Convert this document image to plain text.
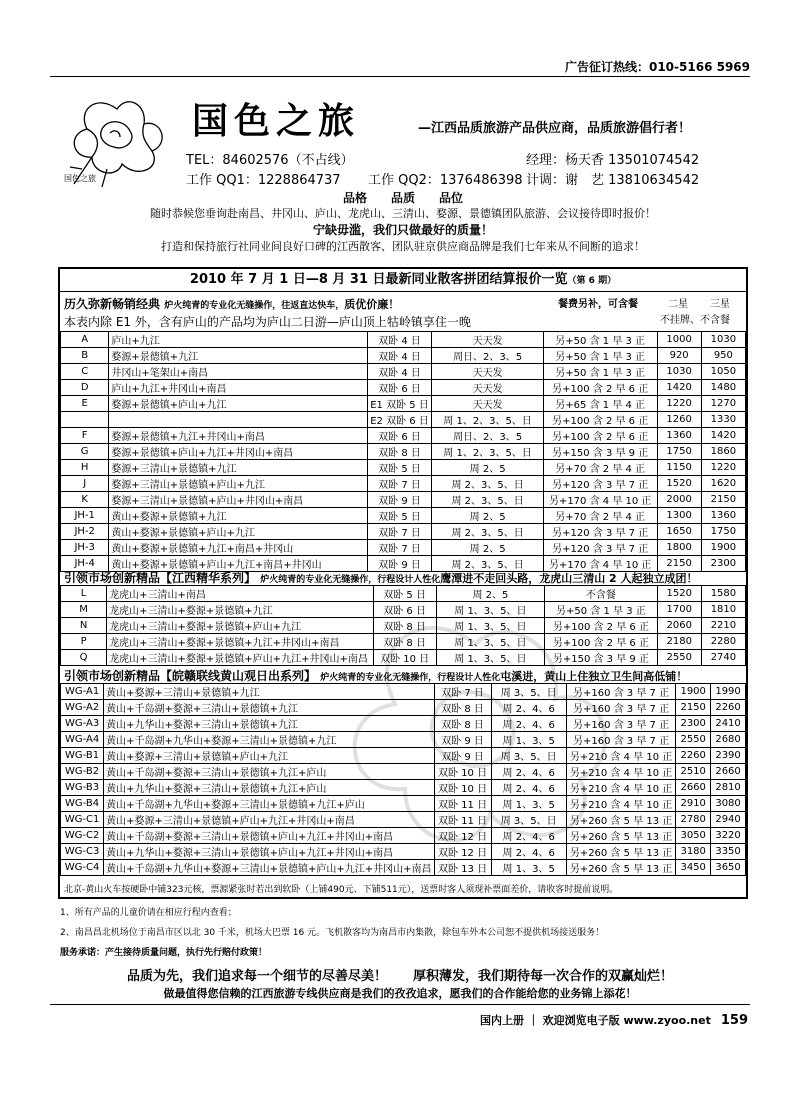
广告征订热线：010-5166 5969
国色之旅
国色之旅	—江西品质旅游产品供应商，品质旅游倡行者！
TEL：84602576（不占线）
工作 QQ1：1228864737 工作 QQ2：1376486398
经理：杨天香 13501074542
计调：谢　艺 13810634542
品格　　品质　　品位
随时恭候您垂询赴南昌、井冈山、庐山、龙虎山、三清山、婺源、景德镇团队旅游、会议接待即时报价！
宁缺毋滥，我们只做最好的质量！
打造和保持旅行社同业间良好口碑的江西散客、团队驻京供应商品牌是我们七年来从不间断的追求！
2010 年 7 月 1 日—8 月 31 日最新同业散客拼团结算报价一览（第 6 期）
历久弥新畅销经典 炉火纯青的专业化无缝操作，往返直达快车，质优价廉！
本表内除 E1 外，含有庐山的产品均为庐山二日游—庐山顶上牯岭镇享住一晚
餐费另补，可含餐	二星 三星
不挂牌、不含餐
A	庐山+九江	双卧 4 日	天天发	另+50 含 1 早 3 正	1000	1030
B	婺源+景德镇+九江	双卧 4 日	周日、2、3、5	另+50 含 1 早 3 正	920	950
C	井冈山+笔架山+南昌	双卧 4 日	天天发	另+50 含 1 早 3 正	1030	1050
D	庐山+九江+井冈山+南昌	双卧 6 日	天天发	另+100 含 2 早 6 正	1420	1480
E	婺源+景德镇+庐山+九江	E1 双卧 5 日	天天发	另+65 含 1 早 4 正	1220	1270
		E2 双卧 6 日	周 1、2、3、5、日	另+100 含 2 早 6 正	1260	1330
F	婺源+景德镇+九江+井冈山+南昌	双卧 6 日	周日、2、3、5	另+100 含 2 早 6 正	1360	1420
G	婺源+景德镇+庐山+九江+井冈山+南昌	双卧 8 日	周 1、2、3、5、日	另+150 含 3 早 9 正	1750	1860
H	婺源+三清山+景德镇+九江	双卧 5 日	周 2、5	另+70 含 2 早 4 正	1150	1220
J	婺源+三清山+景德镇+庐山+九江	双卧 7 日	周 2、3、5、日	另+120 含 3 早 7 正	1520	1620
K	婺源+三清山+景德镇+庐山+井冈山+南昌	双卧 9 日	周 2、3、5、日	另+170 含 4 早 10 正	2000	2150
JH-1	黄山+婺源+景德镇+九江	双卧 5 日	周 2、5	另+70 含 2 早 4 正	1300	1360
JH-2	黄山+婺源+景德镇+庐山+九江	双卧 7 日	周 2、3、5、日	另+120 含 3 早 7 正	1650	1750
JH-3	黄山+婺源+景德镇+九江+南昌+井冈山	双卧 7 日	周 2、5	另+120 含 3 早 7 正	1800	1900
JH-4	黄山+婺源+景德镇+庐山+九江+南昌+井冈山	双卧 9 日	周 2、3、5、日	另+170 含 4 早 10 正	2150	2300
引领市场创新精品【江西精华系列】 炉火纯青的专业化无缝操作，行程设计人性化鹰潭进不走回头路，龙虎山三清山 2 人起独立成团！
L	龙虎山+三清山+南昌	双卧 5 日	周 2、5	不含餐	1520	1580
M	龙虎山+三清山+婺源+景德镇+九江	双卧 6 日	周 1、3、5、日	另+50 含 1 早 3 正	1700	1810
N	龙虎山+三清山+婺源+景德镇+庐山+九江	双卧 8 日	周 1、3、5、日	另+100 含 2 早 6 正	2060	2210
P	龙虎山+三清山+婺源+景德镇+九江+井冈山+南昌	双卧 8 日	周 1、3、5、日	另+100 含 2 早 6 正	2180	2280
Q	龙虎山+三清山+婺源+景德镇+庐山+九江+井冈山+南昌	双卧 10 日	周 1、3、5、日	另+150 含 3 早 9 正	2550	2740
引领市场创新精品【皖赣联线黄山观日出系列】 炉火纯青的专业化无缝操作，行程设计人性化屯溪进，黄山上住独立卫生间高低铺！
WG-A1	黄山+婺源+三清山+景德镇+九江	双卧 7 日	周 3、5、日	另+160 含 3 早 7 正	1900	1990
WG-A2	黄山+千岛湖+婺源+三清山+景德镇+九江	双卧 8 日	周 2、4、6	另+160 含 3 早 7 正	2150	2260
WG-A3	黄山+九华山+婺源+三清山+景德镇+九江	双卧 8 日	周 2、4、6	另+160 含 3 早 7 正	2300	2410
WG-A4	黄山+千岛湖+九华山+婺源+三清山+景德镇+九江	双卧 9 日	周 1、3、5	另+160 含 3 早 7 正	2550	2680
WG-B1	黄山+婺源+三清山+景德镇+庐山+九江	双卧 9 日	周 3、5、日	另+210 含 4 早 10 正	2260	2390
WG-B2	黄山+千岛湖+婺源+三清山+景德镇+九江+庐山	双卧 10 日	周 2、4、6	另+210 含 4 早 10 正	2510	2660
WG-B3	黄山+九华山+婺源+三清山+景德镇+九江+庐山	双卧 10 日	周 2、4、6	另+210 含 4 早 10 正	2660	2810
WG-B4	黄山+千岛湖+九华山+婺源+三清山+景德镇+九江+庐山	双卧 11 日	周 1、3、5	另+210 含 4 早 10 正	2910	3080
WG-C1	黄山+婺源+三清山+景德镇+庐山+九江+井冈山+南昌	双卧 11 日	周 3、5、日	另+260 含 5 早 13 正	2780	2940
WG-C2	黄山+千岛湖+婺源+三清山+景德镇+庐山+九江+井冈山+南昌	双卧 12 日	周 2、4、6	另+260 含 5 早 13 正	3050	3220
WG-C3	黄山+九华山+婺源+三清山+景德镇+庐山+九江+井冈山+南昌	双卧 12 日	周 2、4、6	另+260 含 5 早 13 正	3180	3350
WG-C4	黄山+千岛湖+九华山+婺源+三清山+景德镇+庐山+九江+井冈山+南昌	双卧 13 日	周 1、3、5	另+260 含 5 早 13 正	3450	3650
北京-黄山火车按硬卧中铺323元核，票源紧张时若出到软卧（上铺490元、下铺511元），送票时客人须现补票面差价，请收客时提前说明。
1、所有产品的儿童价请在相应行程内查看；
2、南昌昌北机场位于南昌市区以北 30 千米，机场大巴票 16 元。飞机散客均为南昌市内集散，除包车外本公司恕不提供机场接送服务！
服务承诺：产生接待质量问题，执行先行赔付政策！
品质为先，我们追求每一个细节的尽善尽美！　　厚积薄发，我们期待每一次合作的双赢灿烂！
做最值得您信赖的江西旅游专线供应商是我们的孜孜追求，愿我们的合作能给您的业务锦上添花！
国内上册 ｜ 欢迎浏览电子版 www.zyoo.net 159
